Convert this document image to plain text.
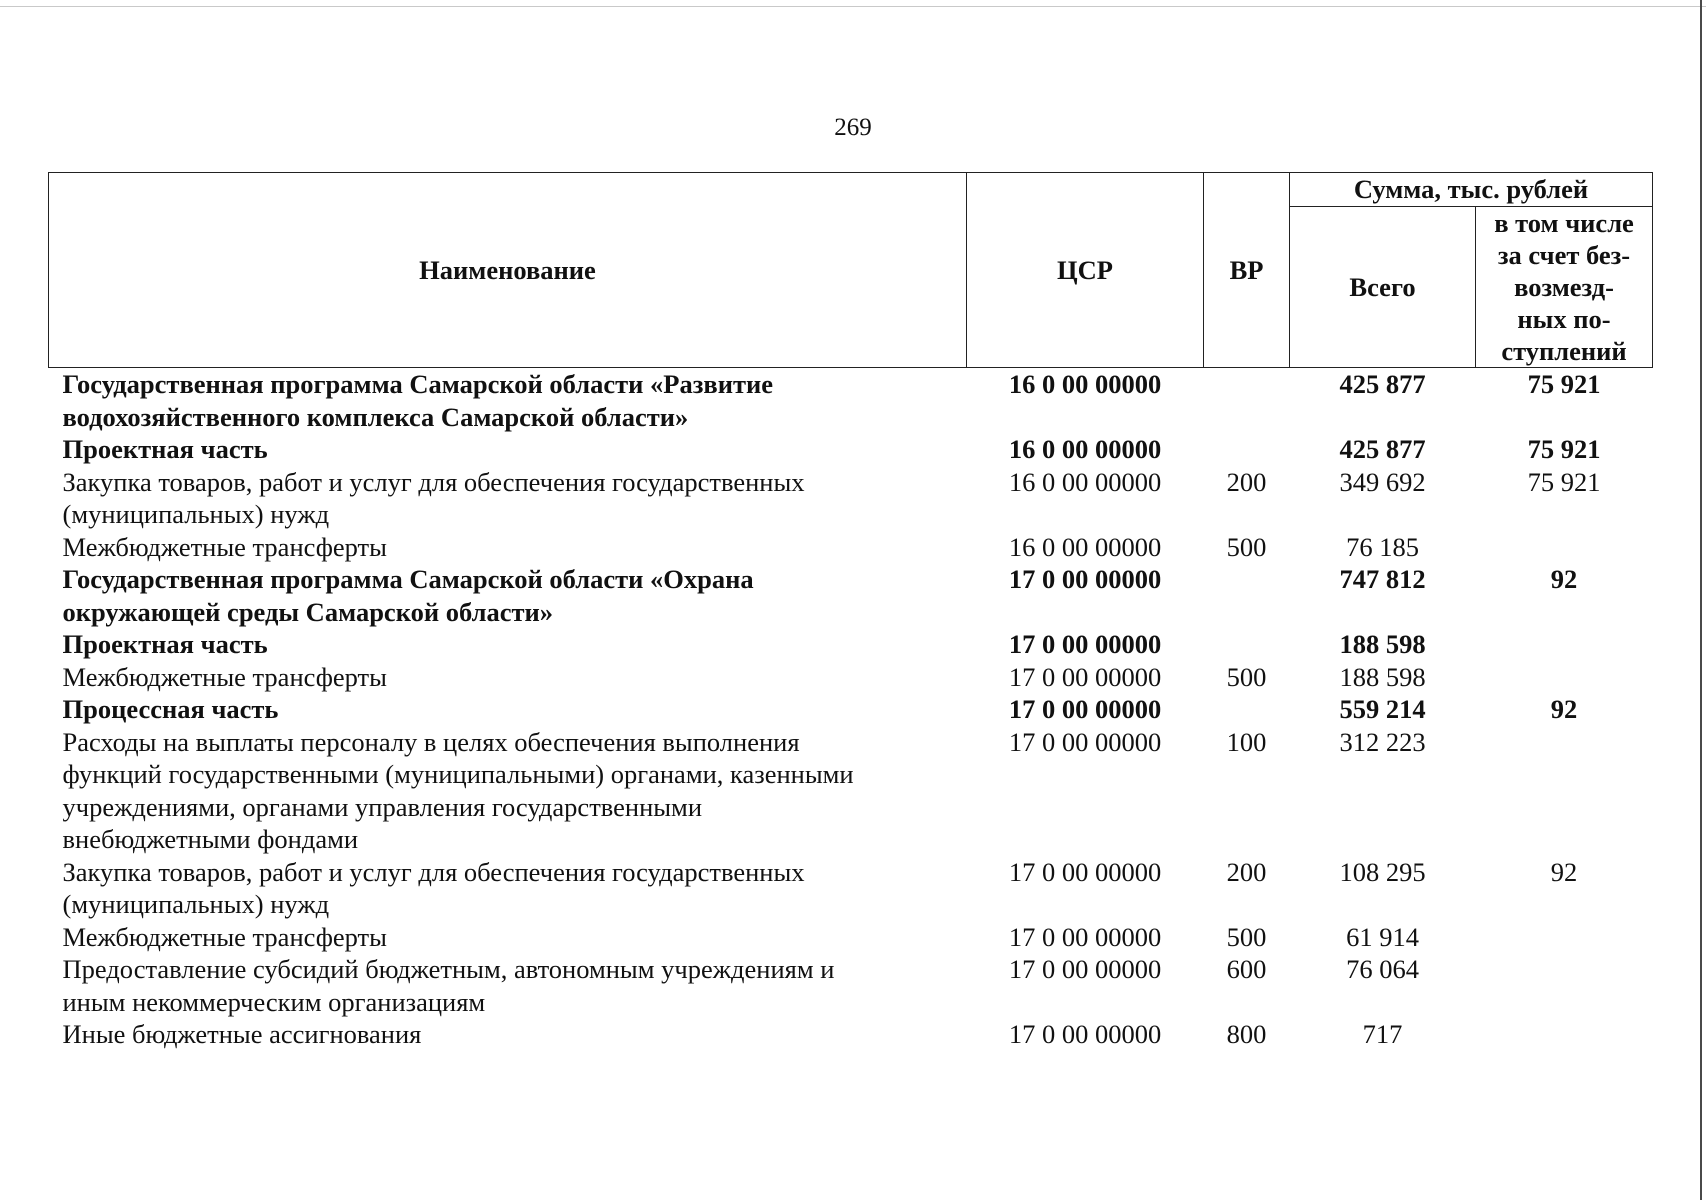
269
Наименование	ЦСР	ВР	Сумма, тыс. рублей	
			Всего	в том числе
за счет без-
возмезд-
ных по-
ступлений

Государственная программа Самарской области «Развитие
водохозяйственного комплекса Самарской области»	16 0 00 00000		425 877	75 921

Проектная часть	16 0 00 00000		425 877	75 921

Закупка товаров, работ и услуг для обеспечения государственных
(муниципальных) нужд	16 0 00 00000	200	349 692	75 921

Межбюджетные трансферты	16 0 00 00000	500	76 185	

Государственная программа Самарской области «Охрана
окружающей среды Самарской области»	17 0 00 00000		747 812	92

Проектная часть	17 0 00 00000		188 598	

Межбюджетные трансферты	17 0 00 00000	500	188 598	

Процессная часть	17 0 00 00000		559 214	92

Расходы на выплаты персоналу в целях обеспечения выполнения
функций государственными (муниципальными) органами, казенными
учреждениями, органами управления государственными
внебюджетными фондами	17 0 00 00000	100	312 223	

Закупка товаров, работ и услуг для обеспечения государственных
(муниципальных) нужд	17 0 00 00000	200	108 295	92

Межбюджетные трансферты	17 0 00 00000	500	61 914	

Предоставление субсидий бюджетным, автономным учреждениям и
иным некоммерческим организациям	17 0 00 00000	600	76 064	

Иные бюджетные ассигнования	17 0 00 00000	800	717	
